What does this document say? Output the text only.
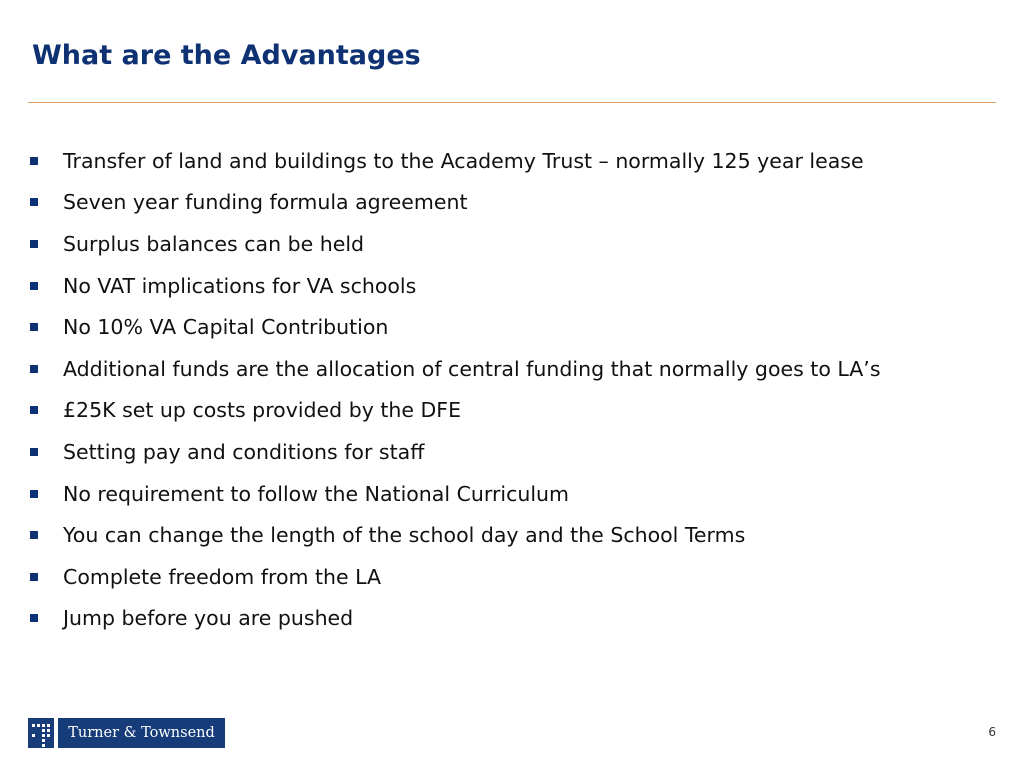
What are the Advantages
Transfer of land and buildings to the Academy Trust – normally 125 year lease
Seven year funding formula agreement
Surplus balances can be held
No VAT implications for VA schools
No 10% VA Capital Contribution
Additional funds are the allocation of central funding that normally goes to LA’s
£25K set up costs provided by the DFE
Setting pay and conditions for staff
No requirement to follow the National Curriculum
You can change the length of the school day and the School Terms
Complete freedom from the LA
Jump before you are pushed
Turner & Townsend	6
